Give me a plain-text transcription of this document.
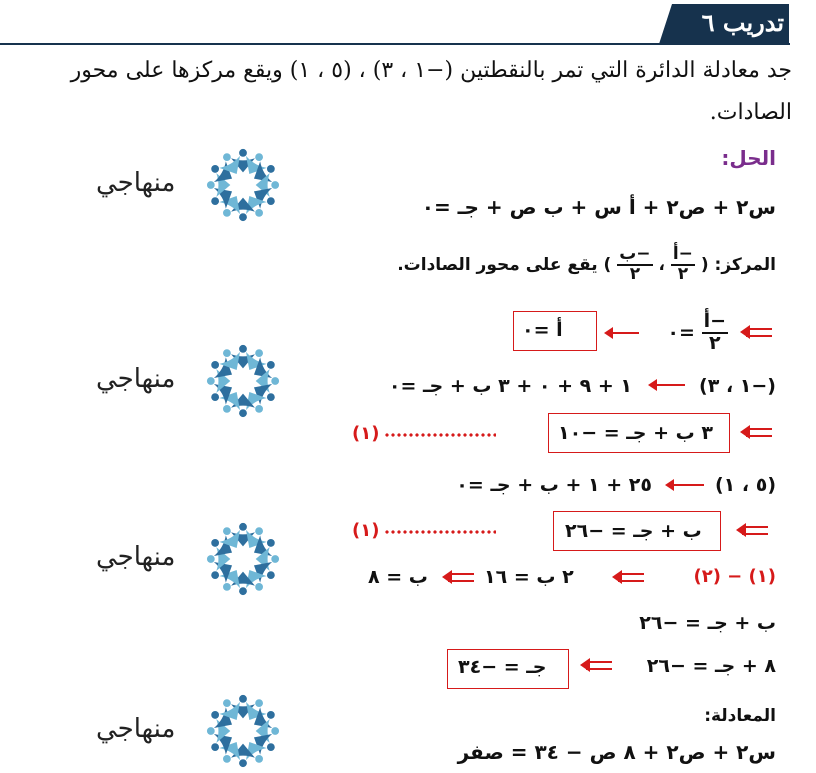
تدريب ٦
جد معادلة الدائرة التي تمر بالنقطتين (−١ ، ٣) ، (٥ ، ١) ويقع مركزها على محور
الصادات.
الحل:
س٢ + ص٢ + أ س + ب ص + جـ =٠
المركز: (
$\frac{\text{−أ}}{٢}$
،
$\frac{\text{−ب}}{٢}$
) يقع على محور الصادات.
$\frac{\text{−أ}}{٢}$
=٠
أ =٠
(−١ ، ٣)
١ + ٩ + ٠ + ٣ ب + جـ =٠
(١)	٣ ب + جـ = −١٠
(٥ ، ١)
٢٥ + ١ + ب + جـ =٠
(١)	ب + جـ = −٢٦
(١) − (٢)
٢ ب = ١٦
ب = ٨
ب + جـ = −٢٦
٨ + جـ = −٢٦
جـ = −٣٤
المعادلة:
س٢ + ص٢ + ٨ ص − ٣٤ = صفر
منهاجي
منهاجي
منهاجي
منهاجي
